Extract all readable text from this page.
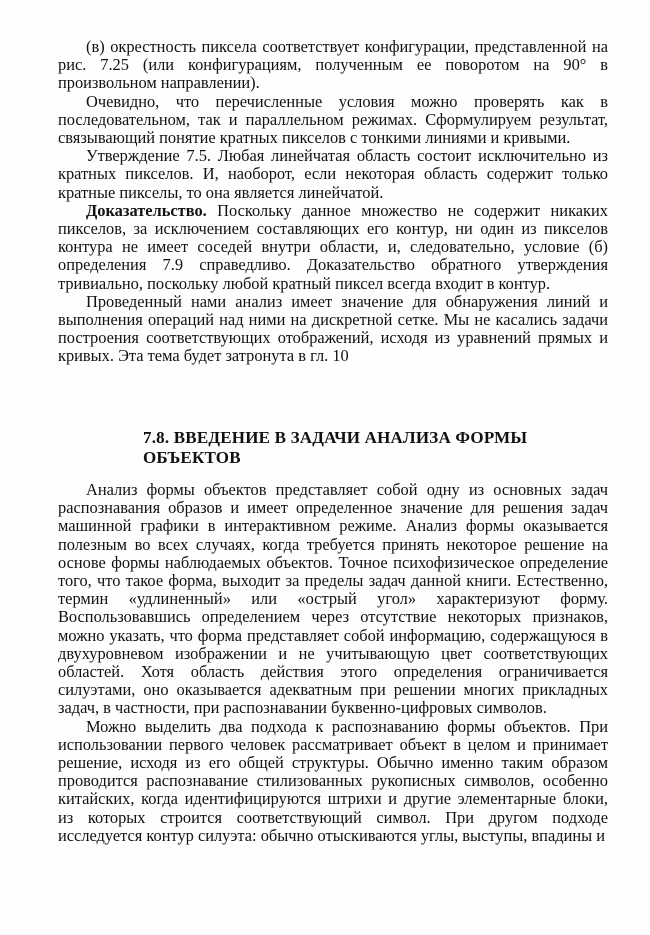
(в) окрестность пиксела соответствует конфигурации, представленной на рис. 7.25 (или конфигурациям, полученным ее поворотом на 90° в произвольном направлении).

Очевидно, что перечисленные условия можно проверять как в последовательном, так и параллельном режимах. Сформулируем результат, связывающий понятие кратных пикселов с тонкими линиями и кривыми.

Утверждение 7.5. Любая линейчатая область состоит исключительно из кратных пикселов. И, наоборот, если некоторая область содержит только кратные пикселы, то она является линейчатой.

Доказательство. Поскольку данное множество не содержит никаких пикселов, за исключением составляющих его контур, ни один из пикселов контура не имеет соседей внутри области, и, следовательно, условие (б) определения 7.9 справедливо. Доказательство обратного утверждения тривиально, поскольку любой кратный пиксел всегда входит в контур.

Проведенный нами анализ имеет значение для обнаружения линий и выполнения операций над ними на дискретной сетке. Мы не касались задачи построения соответствующих отображений, исходя из уравнений прямых и кривых. Эта тема будет затронута в гл. 10

7.8. ВВЕДЕНИЕ В ЗАДАЧИ АНАЛИЗА ФОРМЫ
ОБЪЕКТОВ

Анализ формы объектов представляет собой одну из основных задач распознавания образов и имеет определенное значение для решения задач машинной графики в интерактивном режиме. Анализ формы оказывается полезным во всех случаях, когда требуется принять некоторое решение на основе формы наблюдаемых объектов. Точное психофизическое определение того, что такое форма, выходит за пределы задач данной книги. Естественно, термин «удлиненный» или «острый угол» характеризуют форму. Воспользовавшись определением через отсутствие некоторых признаков, можно указать, что форма представляет собой информацию, содержащуюся в двухуровневом изображении и не учитывающую цвет соответствующих областей. Хотя область действия этого определения ограничивается силуэтами, оно оказывается адекватным при решении многих прикладных задач, в частности, при распознавании буквенно-цифровых символов.

Можно выделить два подхода к распознаванию формы объектов. При использовании первого человек рассматривает объект в целом и принимает решение, исходя из его общей структуры. Обычно именно таким образом проводится распознавание стилизованных рукописных символов, особенно китайских, когда идентифицируются штрихи и другие элементарные блоки, из которых строится соответствующий символ. При другом подходе исследуется контур силуэта: обычно отыскиваются углы, выступы, впадины и
